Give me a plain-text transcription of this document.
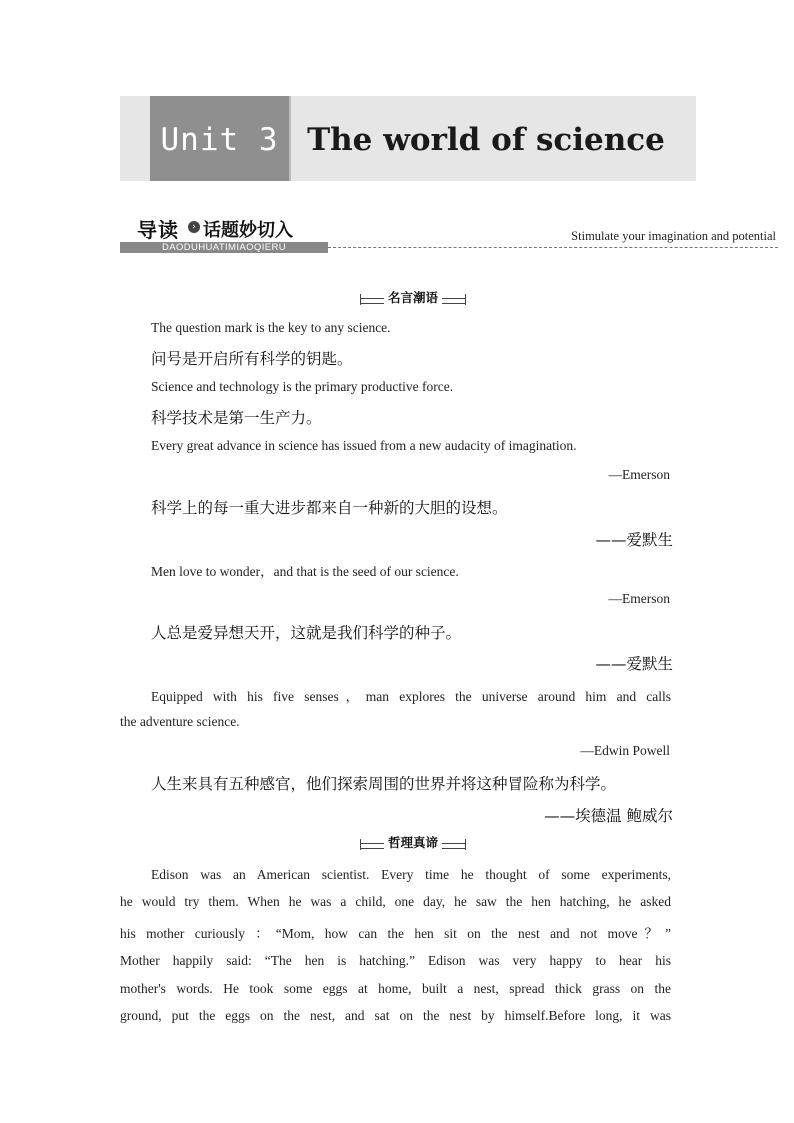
Unit 3 The world of science
导读	› 话题妙切入
DAODUHUATIMIAOQIERU
Stimulate your imagination and potential
名言潮语
The question mark is the key to any science.
问号是开启所有科学的钥匙。
Science and technology is the primary productive force.
科学技术是第一生产力。
Every great advance in science has issued from a new audacity of imagination.
—Emerson
科学上的每一重大进步都来自一种新的大胆的设想。
——爱默生
Men love to wonder，and that is the seed of our science.
—Emerson
人总是爱异想天开，这就是我们科学的种子。
——爱默生
Equipped with his five senses，man explores the universe around him and calls
the adventure science.
—Edwin Powell
人生来具有五种感官，他们探索周围的世界并将这种冒险称为科学。
——埃德温 鲍威尔
哲理真谛
Edison was an American scientist. Every time he thought of some experiments,
he would try them. When he was a child, one day, he saw the hen hatching, he asked
his mother curiously ：“Mom, how can the hen sit on the nest and not move？”
Mother happily said: “The hen is hatching.” Edison was very happy to hear his
mother's words. He took some eggs at home, built a nest, spread thick grass on the
ground, put the eggs on the nest, and sat on the nest by himself.Before long, it was
